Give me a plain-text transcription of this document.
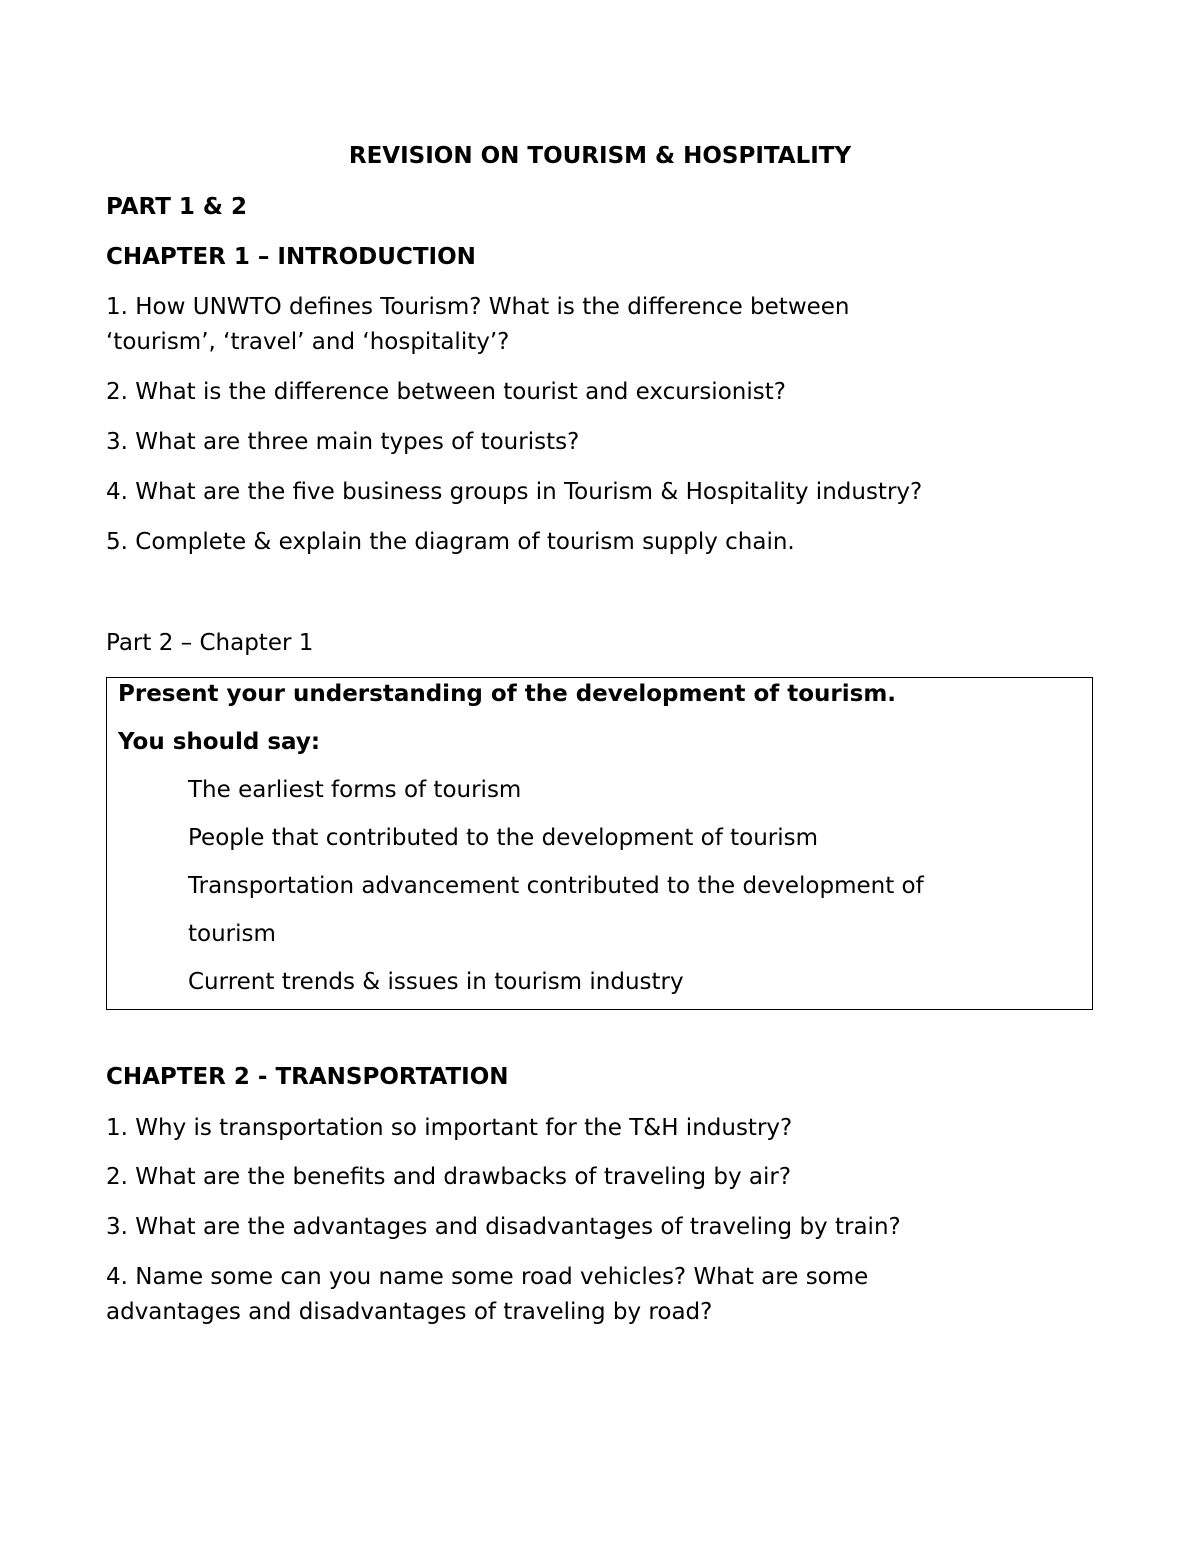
REVISION ON TOURISM & HOSPITALITY
PART 1 & 2
CHAPTER 1 – INTRODUCTION
1. How UNWTO defines Tourism? What is the difference between
‘tourism’, ‘travel’ and ‘hospitality’?
2. What is the difference between tourist and excursionist?
3. What are three main types of tourists?
4. What are the five business groups in Tourism & Hospitality industry?
5. Complete & explain the diagram of tourism supply chain.
Part 2 – Chapter 1
Present your understanding of the development of tourism.
You should say:
The earliest forms of tourism
People that contributed to the development of tourism
Transportation advancement contributed to the development of
tourism
Current trends & issues in tourism industry
CHAPTER 2 - TRANSPORTATION
1. Why is transportation so important for the T&H industry?
2. What are the benefits and drawbacks of traveling by air?
3. What are the advantages and disadvantages of traveling by train?
4. Name some can you name some road vehicles? What are some
advantages and disadvantages of traveling by road?
